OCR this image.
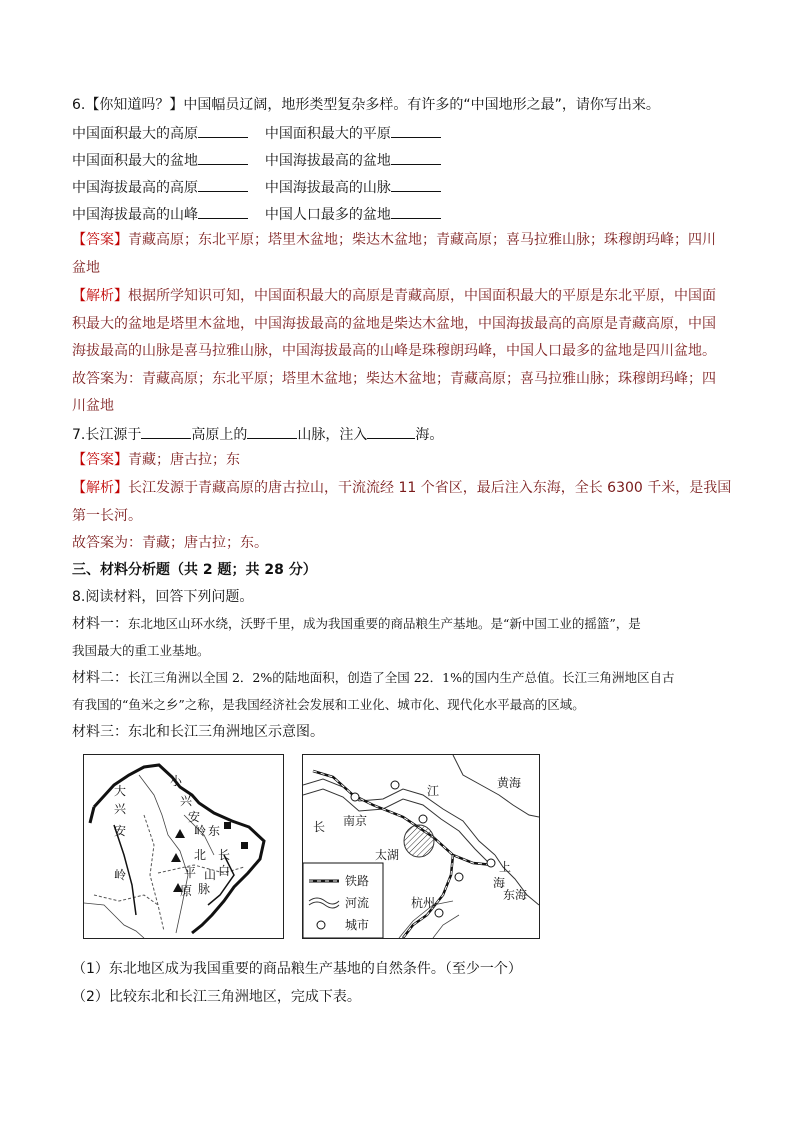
6.【你知道吗？】中国幅员辽阔，地形类型复杂多样。有许多的“中国地形之最”，请你写出来。
中国面积最大的高原	中国面积最大的平原
中国面积最大的盆地	中国海拔最高的盆地
中国海拔最高的高原	中国海拔最高的山脉
中国海拔最高的山峰	中国人口最多的盆地
【答案】青藏高原；东北平原；塔里木盆地；柴达木盆地；青藏高原；喜马拉雅山脉；珠穆朗玛峰；四川
盆地
【解析】根据所学知识可知，中国面积最大的高原是青藏高原，中国面积最大的平原是东北平原，中国面
积最大的盆地是塔里木盆地，中国海拔最高的盆地是柴达木盆地，中国海拔最高的高原是青藏高原，中国
海拔最高的山脉是喜马拉雅山脉，中国海拔最高的山峰是珠穆朗玛峰，中国人口最多的盆地是四川盆地。
故答案为：青藏高原；东北平原；塔里木盆地；柴达木盆地；青藏高原；喜马拉雅山脉；珠穆朗玛峰；四
川盆地
7.长江源于	高原上的	山脉，注入	海。
【答案】青藏；唐古拉；东
【解析】长江发源于青藏高原的唐古拉山，干流流经 11 个省区，最后注入东海，全长 6300 千米，是我国
第一长河。
故答案为：青藏；唐古拉；东。
三、材料分析题（共 2 题；共 28 分）
8.阅读材料，回答下列问题。
材料一：东北地区山环水绕，沃野千里，成为我国重要的商品粮生产基地。是“新中国工业的摇篮”，是
我国最大的重工业基地。
材料二：长江三角洲以全国 2．2%的陆地面积，创造了全国 22．1%的国内生产总值。长江三角洲地区自古
有我国的“鱼米之乡”之称，是我国经济社会发展和工业化、城市化、现代化水平最高的区域。
材料三：东北和长江三角洲地区示意图。
大
兴
安
岭
小
兴
安
岭 东
北
平
原
长
白
山
脉
江
黄海
长 南京
太湖
上
海
东海
杭州
铁路
河流
城市
（1）东北地区成为我国重要的商品粮生产基地的自然条件。（至少一个）
（2）比较东北和长江三角洲地区，完成下表。
